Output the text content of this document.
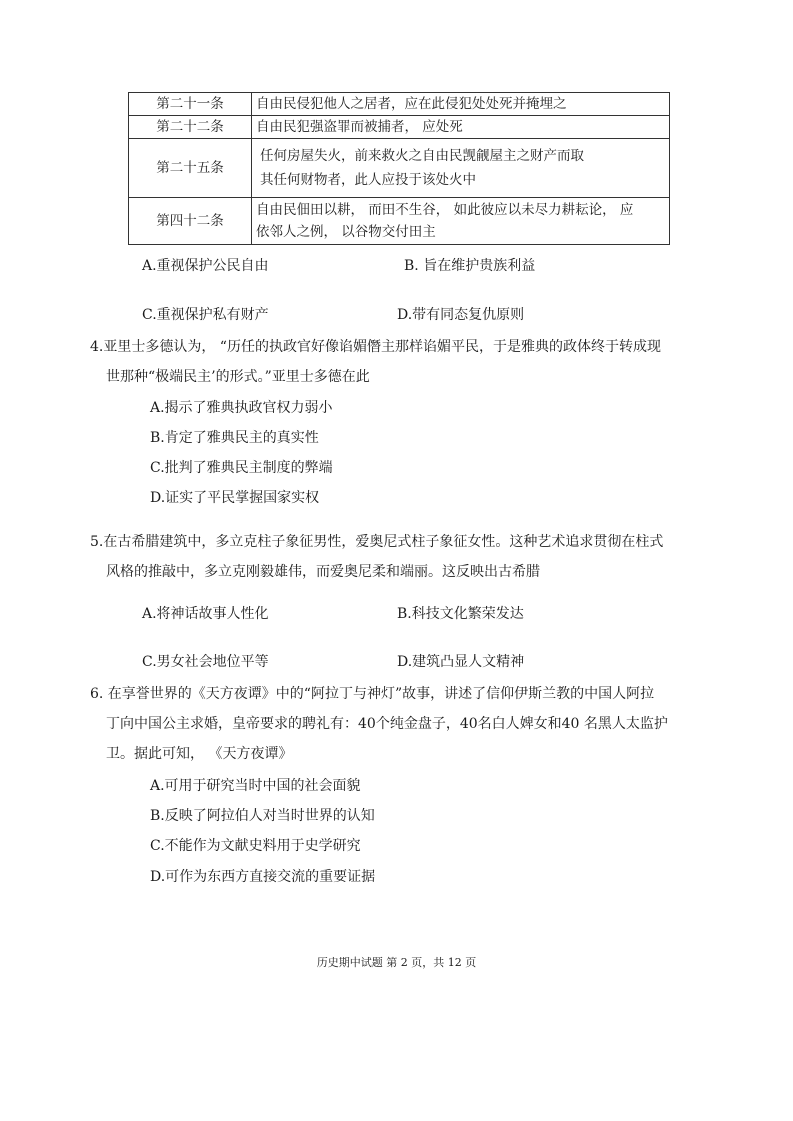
第二十一条	自由民侵犯他人之居者，应在此侵犯处处死并掩埋之
第二十二条	自由民犯强盗罪而被捕者， 应处死
第二十五条	任何房屋失火，前来救火之自由民觊觎屋主之财产而取
其任何财物者，此人应投于该处火中
第四十二条	自由民佃田以耕， 而田不生谷， 如此彼应以未尽力耕耘论， 应
依邻人之例， 以谷物交付田主
A.重视保护公民自由	B. 旨在维护贵族利益
C.重视保护私有财产	D.带有同态复仇原则
4.亚里士多德认为， “历任的执政官好像谄媚僭主那样谄媚平民，于是雅典的政体终于转成现
世那种“极端民主’的形式。”亚里士多德在此
A.揭示了雅典执政官权力弱小
B.肯定了雅典民主的真实性
C.批判了雅典民主制度的弊端
D.证实了平民掌握国家实权
5.在古希腊建筑中，多立克柱子象征男性，爱奥尼式柱子象征女性。这种艺术追求贯彻在柱式
风格的推敲中，多立克刚毅雄伟，而爱奥尼柔和端丽。这反映出古希腊
A.将神话故事人性化	B.科技文化繁荣发达
C.男女社会地位平等	D.建筑凸显人文精神
6. 在享誉世界的《天方夜谭》中的“阿拉丁与神灯”故事，讲述了信仰伊斯兰教的中国人阿拉
丁向中国公主求婚，皇帝要求的聘礼有：40个纯金盘子，40名白人婢女和40 名黑人太监护
卫。据此可知， 《天方夜谭》
A.可用于研究当时中国的社会面貌
B.反映了阿拉伯人对当时世界的认知
C.不能作为文献史料用于史学研究
D.可作为东西方直接交流的重要证据
历史期中试题 第 2 页，共 12 页
